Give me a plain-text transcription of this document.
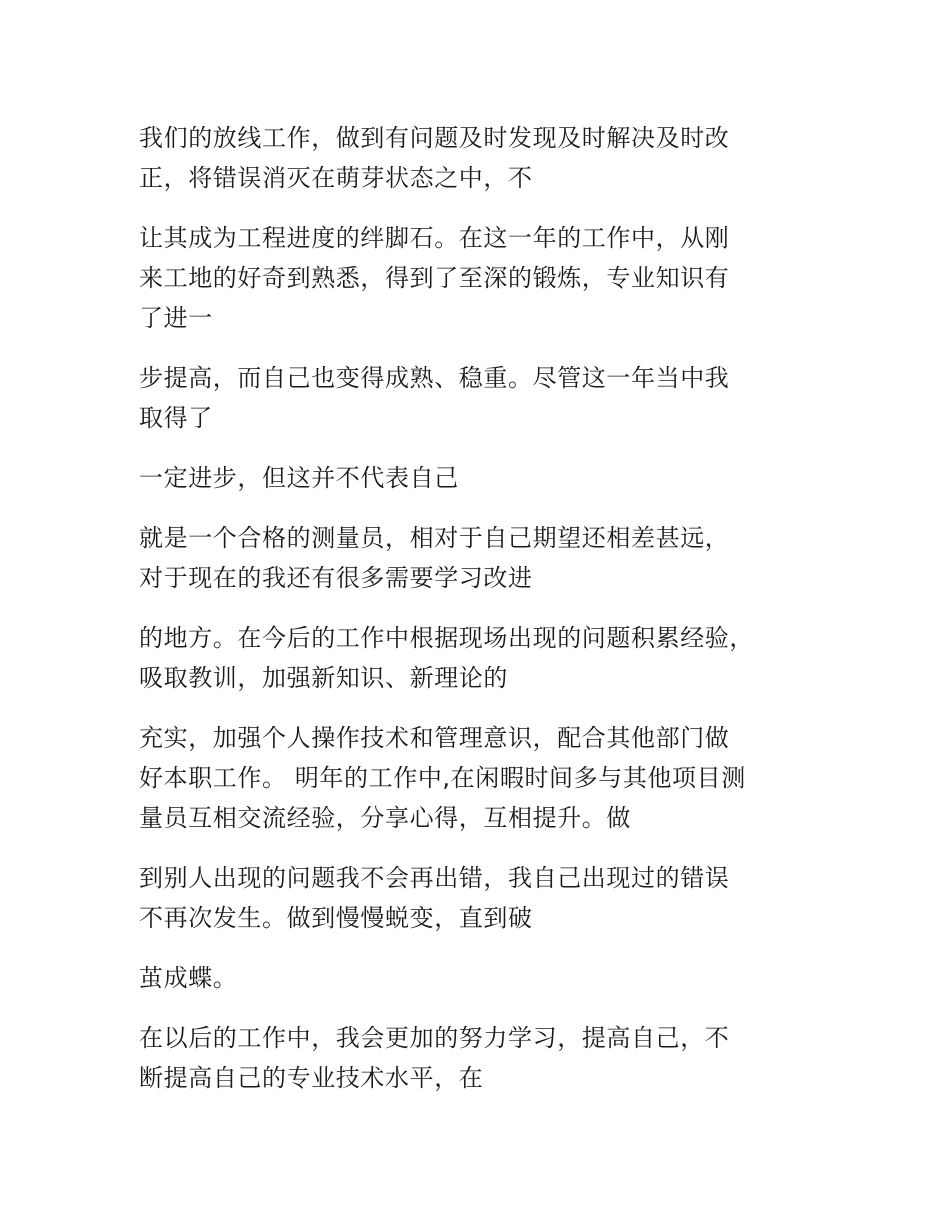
我们的放线工作，做到有问题及时发现及时解决及时改
正，将错误消灭在萌芽状态之中，不
让其成为工程进度的绊脚石。在这一年的工作中，从刚
来工地的好奇到熟悉，得到了至深的锻炼，专业知识有
了进一
步提高，而自己也变得成熟、稳重。尽管这一年当中我
取得了
一定进步，但这并不代表自己
就是一个合格的测量员，相对于自己期望还相差甚远，
对于现在的我还有很多需要学习改进
的地方。在今后的工作中根据现场出现的问题积累经验，
吸取教训，加强新知识、新理论的
充实，加强个人操作技术和管理意识，配合其他部门做
好本职工作。 明年的工作中,在闲暇时间多与其他项目测
量员互相交流经验，分享心得，互相提升。做
到别人出现的问题我不会再出错，我自己出现过的错误
不再次发生。做到慢慢蜕变，直到破
茧成蝶。
在以后的工作中，我会更加的努力学习，提高自己，不
断提高自己的专业技术水平，在
